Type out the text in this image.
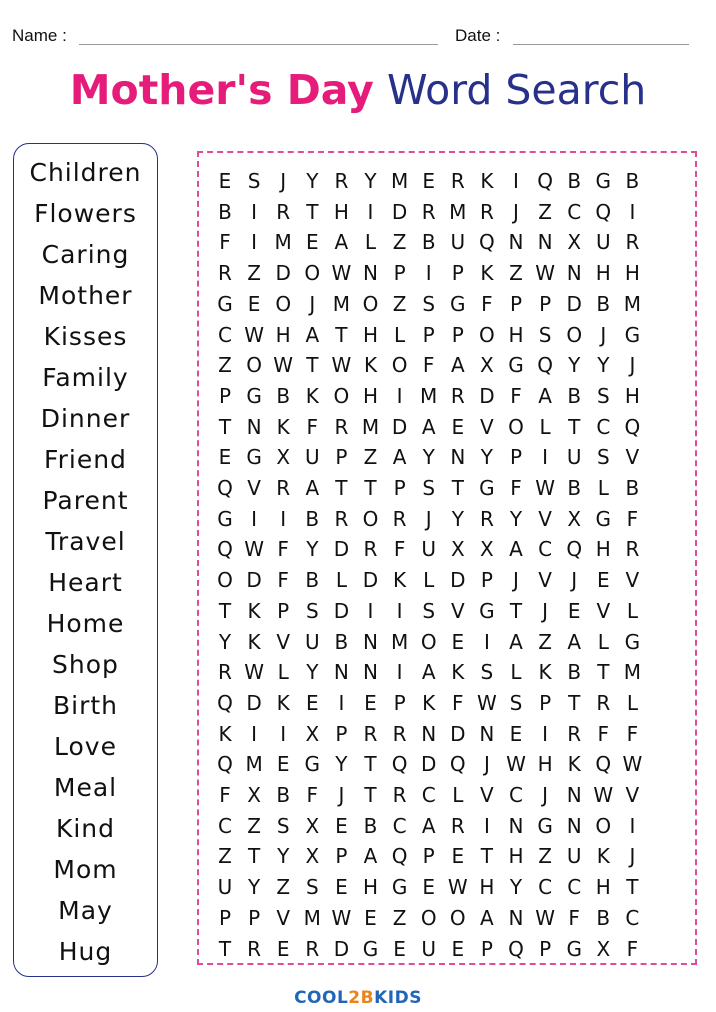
Name :	Date :
Mother's Day Word Search
Children
Flowers
Caring
Mother
Kisses
Family
Dinner
Friend
Parent
Travel
Heart
Home
Shop
Birth
Love
Meal
Kind
Mom
May
Hug
E S J	Y R Y M E R K I Q B G B
B I R T H I D R M R J Z C Q I
F	I M E A L Z B U Q N N X U R
R Z D O W N P	I	P K Z W N H H
G E O J M O Z S G F P P D B M
C W H A T H L P P O H S O J G
Z O W T W K O F A X G Q Y Y	J
P G B K O H I M R D F A B S H
T N K F R M D A E V O L T C Q
E G X U P Z A Y N Y P	I U S V
Q V R A T T P S T G F W B L B
G I	I B R O R J	Y R Y V X G F
Q W F Y D R F U X X A C Q H R
O D F B L D K L D P	J V J E V
T K P S D I	I S V G T	J E V L
Y K V U B N M O E I A Z A L G
R W L Y N N I A K S L K B T M
Q D K E I E P K F W S P T R L
K I	I X P R R N D N E I R F F
Q M E G Y T Q D Q J W H K Q W
F X B F	J	T R C L V C J N W V
C Z S X E B C A R I N G N O I
Z T Y X P A Q P E T H Z U K J
U Y Z S E H G E W H Y C C H T
P P V M W E Z O O A N W F B C
T R E R D G E U E P Q P G X F
COOL2BKIDS
